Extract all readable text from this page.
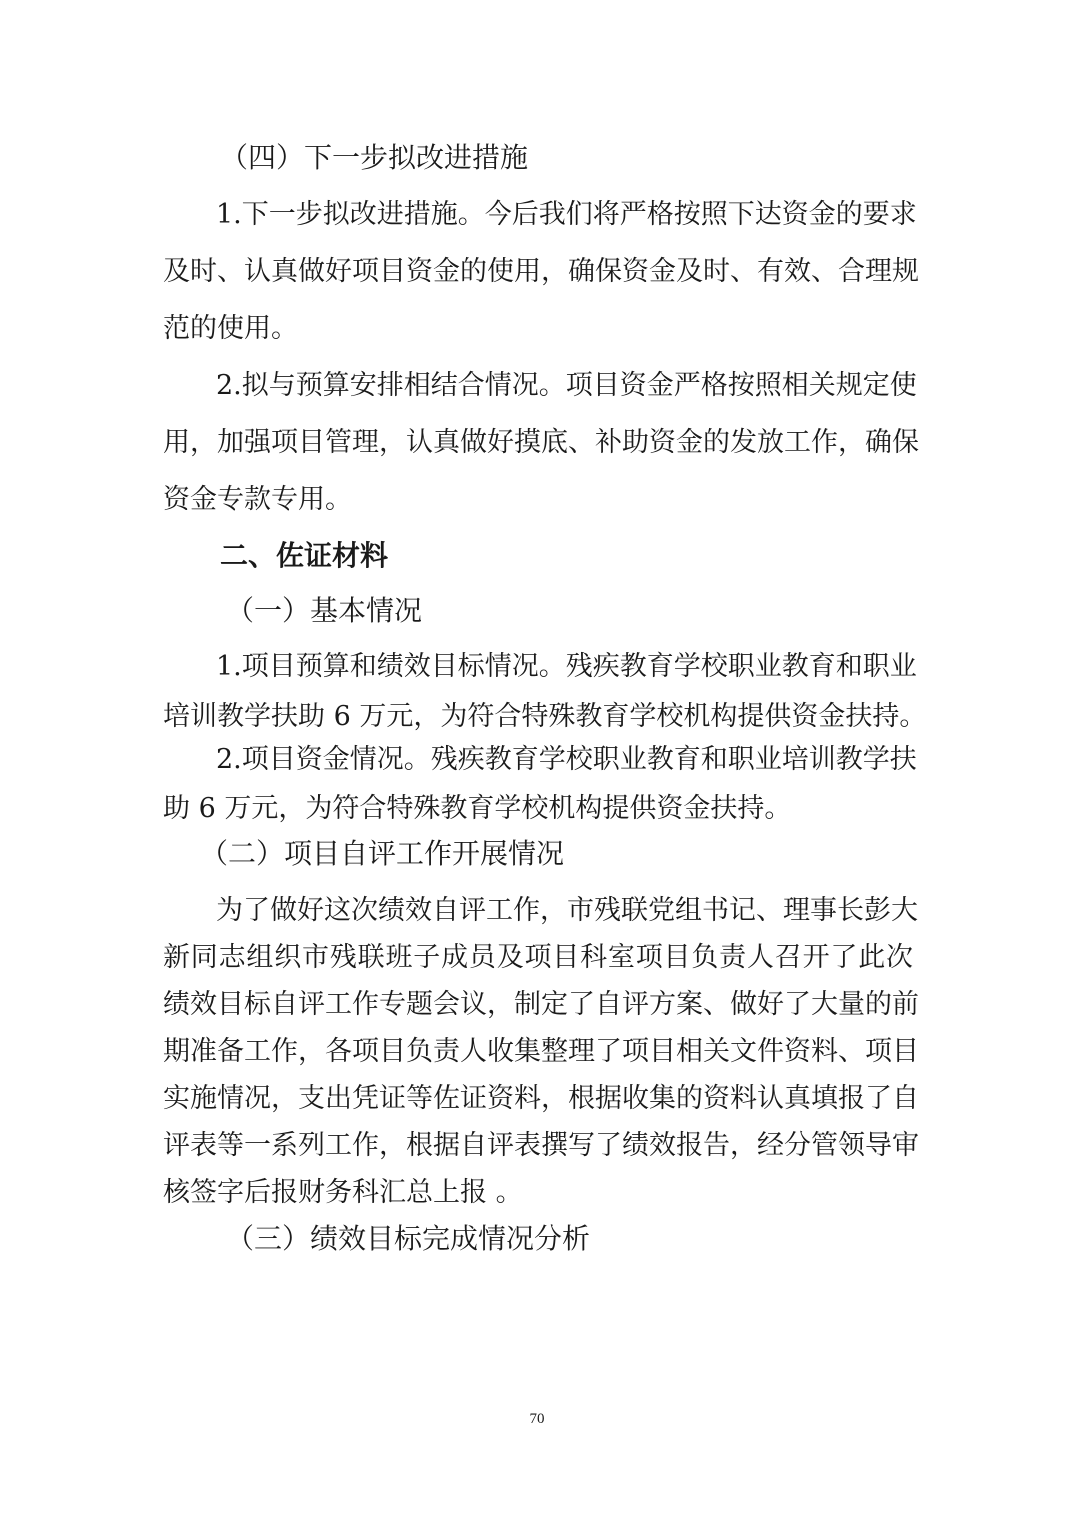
（四）下一步拟改进措施
1.下一步拟改进措施。今后我们将严格按照下达资金的要求
及时、认真做好项目资金的使用，确保资金及时、有效、合理规
范的使用。
2.拟与预算安排相结合情况。项目资金严格按照相关规定使
用，加强项目管理，认真做好摸底、补助资金的发放工作，确保
资金专款专用。
二、佐证材料
（一）基本情况
1.项目预算和绩效目标情况。残疾教育学校职业教育和职业
培训教学扶助 6 万元，为符合特殊教育学校机构提供资金扶持。
2.项目资金情况。残疾教育学校职业教育和职业培训教学扶
助 6 万元，为符合特殊教育学校机构提供资金扶持。
（二）项目自评工作开展情况
为了做好这次绩效自评工作，市残联党组书记、理事长彭大
新同志组织市残联班子成员及项目科室项目负责人召开了此次
绩效目标自评工作专题会议，制定了自评方案、做好了大量的前
期准备工作，各项目负责人收集整理了项目相关文件资料、项目
实施情况，支出凭证等佐证资料，根据收集的资料认真填报了自
评表等一系列工作，根据自评表撰写了绩效报告，经分管领导审
核签字后报财务科汇总上报 。
（三）绩效目标完成情况分析
70
